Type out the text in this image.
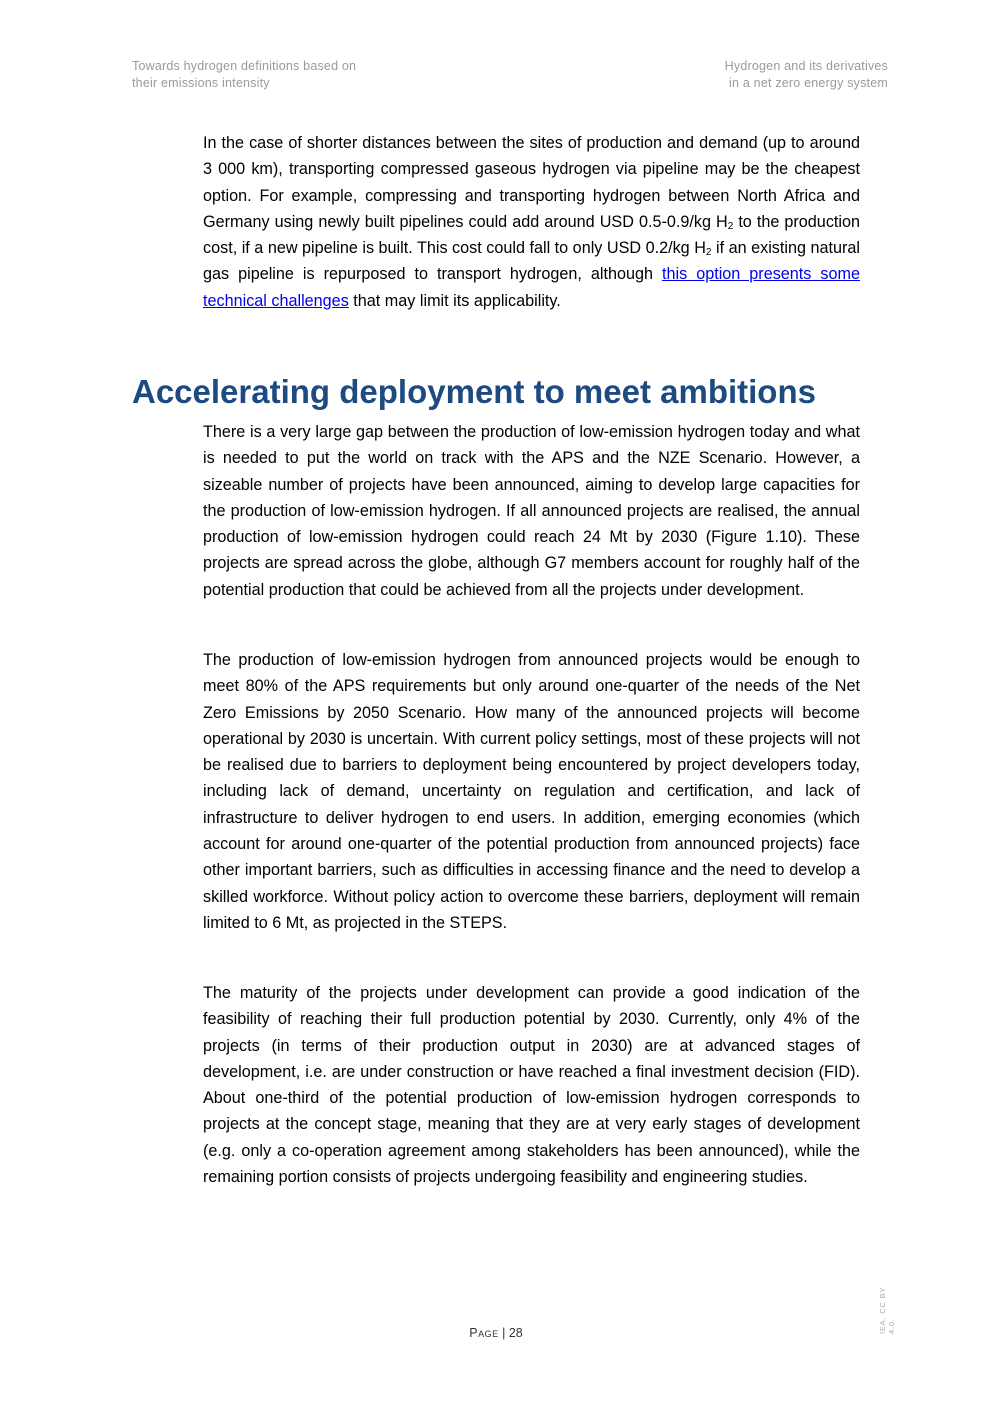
Towards hydrogen definitions based on
their emissions intensity
Hydrogen and its derivatives
in a net zero energy system

In the case of shorter distances between the sites of production and demand (up to around 3 000 km), transporting compressed gaseous hydrogen via pipeline may be the cheapest option. For example, compressing and transporting hydrogen between North Africa and Germany using newly built pipelines could add around USD 0.5-0.9/kg $H_2$ to the production cost, if a new pipeline is built. This cost could fall to only USD 0.2/kg $H_2$ if an existing natural gas pipeline is repurposed to transport hydrogen, although this option presents some technical challenges that may limit its applicability.

Accelerating deployment to meet ambitions

There is a very large gap between the production of low-emission hydrogen today and what is needed to put the world on track with the APS and the NZE Scenario. However, a sizeable number of projects have been announced, aiming to develop large capacities for the production of low-emission hydrogen. If all announced projects are realised, the annual production of low-emission hydrogen could reach 24 Mt by 2030 (Figure 1.10). These projects are spread across the globe, although G7 members account for roughly half of the potential production that could be achieved from all the projects under development.

The production of low-emission hydrogen from announced projects would be enough to meet 80% of the APS requirements but only around one-quarter of the needs of the Net Zero Emissions by 2050 Scenario. How many of the announced projects will become operational by 2030 is uncertain. With current policy settings, most of these projects will not be realised due to barriers to deployment being encountered by project developers today, including lack of demand, uncertainty on regulation and certification, and lack of infrastructure to deliver hydrogen to end users. In addition, emerging economies (which account for around one-quarter of the potential production from announced projects) face other important barriers, such as difficulties in accessing finance and the need to develop a skilled workforce. Without policy action to overcome these barriers, deployment will remain limited to 6 Mt, as projected in the STEPS.

The maturity of the projects under development can provide a good indication of the feasibility of reaching their full production potential by 2030. Currently, only 4% of the projects (in terms of their production output in 2030) are at advanced stages of development, i.e. are under construction or have reached a final investment decision (FID). About one-third of the potential production of low-emission hydrogen corresponds to projects at the concept stage, meaning that they are at very early stages of development (e.g. only a co-operation agreement among stakeholders has been announced), while the remaining portion consists of projects undergoing feasibility and engineering studies.

IEA. CC BY 4.0.
Page | 28
